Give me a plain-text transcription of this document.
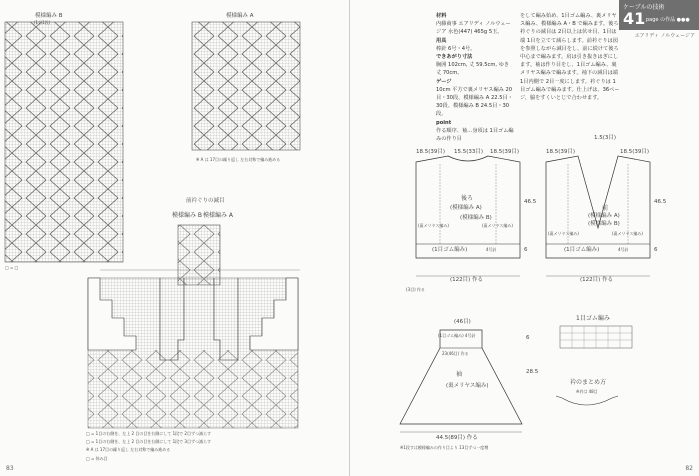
模様編み B
(1目1段)
模様編み A
※ A は 17目の繰り返し 左右対称で編み進める
□ = □
前衿ぐりの減目
模様編み B 模様編み A
□ = 1目の右側を、左上 2 目の目を右側にして 1段で 2目ずつ減らす
□ = 1目の右側を、左上 2 目の目を右側にして 1段で 3目ずつ減らす
※ A は 17目の繰り返し 左右対称で編み進める
□ = 休み目
83
ケーブルの技術
41 page の作品 ●●●
エアリディ ノルウェージア
材料
内藤商事 エアリディ ノルウェージア 水色(447) 465g 5玉。
用具
棒針 6号・4号。
できあがり寸法
胸囲 102cm, 丈 59.5cm, ゆき丈 70cm。
ゲージ
10cm 平方で裏メリヤス編み 20目・30段、模様編み A 22.5目・30段、模様編み B 24.5目・30段。
point
作る順序、袖…身頃は 1目ゴム編みの作り目
をして編み始め、1目ゴム編み、裏メリヤス編み、模様編み A・B で編みます。後ろ衿ぐりの減目は 2目以上は伏せ目、1目は端 1目を立てて減らします。前衿ぐりは図を参照しながら減目をし、前に続けて後ろ中心まで編みます。肩は引き抜きはぎにします。袖は作り目をし、1目ゴム編み、裏メリヤス編みで編みます。袖下の減目は端 1目内側で 2目一度にします。衿ぐりは 1目ゴム編みで編みます。仕上げは、36ページ、脇をすくいとじで合わせます。
後ろ
(模様編み A)
(模様編み B)
(裏メリヤス編み)	(裏メリヤス編み)
(1目ゴム編み)	4号針
(122目) 作る
18.5(39目) 15.5(33目) 18.5(39目)
46.5
6
(3目) 作る
前
(模様編み A)
(模様編み B)
(裏メリヤス編み)	(裏メリヤス編み)
(1目ゴム編み)	4号針
(122目) 作る
18.5(39目)	18.5(39目)
1.5(3目)
46.5
6
(46目)
(1目ゴム編み) 4号針
袖
(裏メリヤス編み)
23(46目) 作る
44.5(89目) 作る
28.5
6
※1段すは模様編みの作り目より 13目ずつ一度増
1目ゴム編み
衿のまとめ方
※衿は 48目
82
